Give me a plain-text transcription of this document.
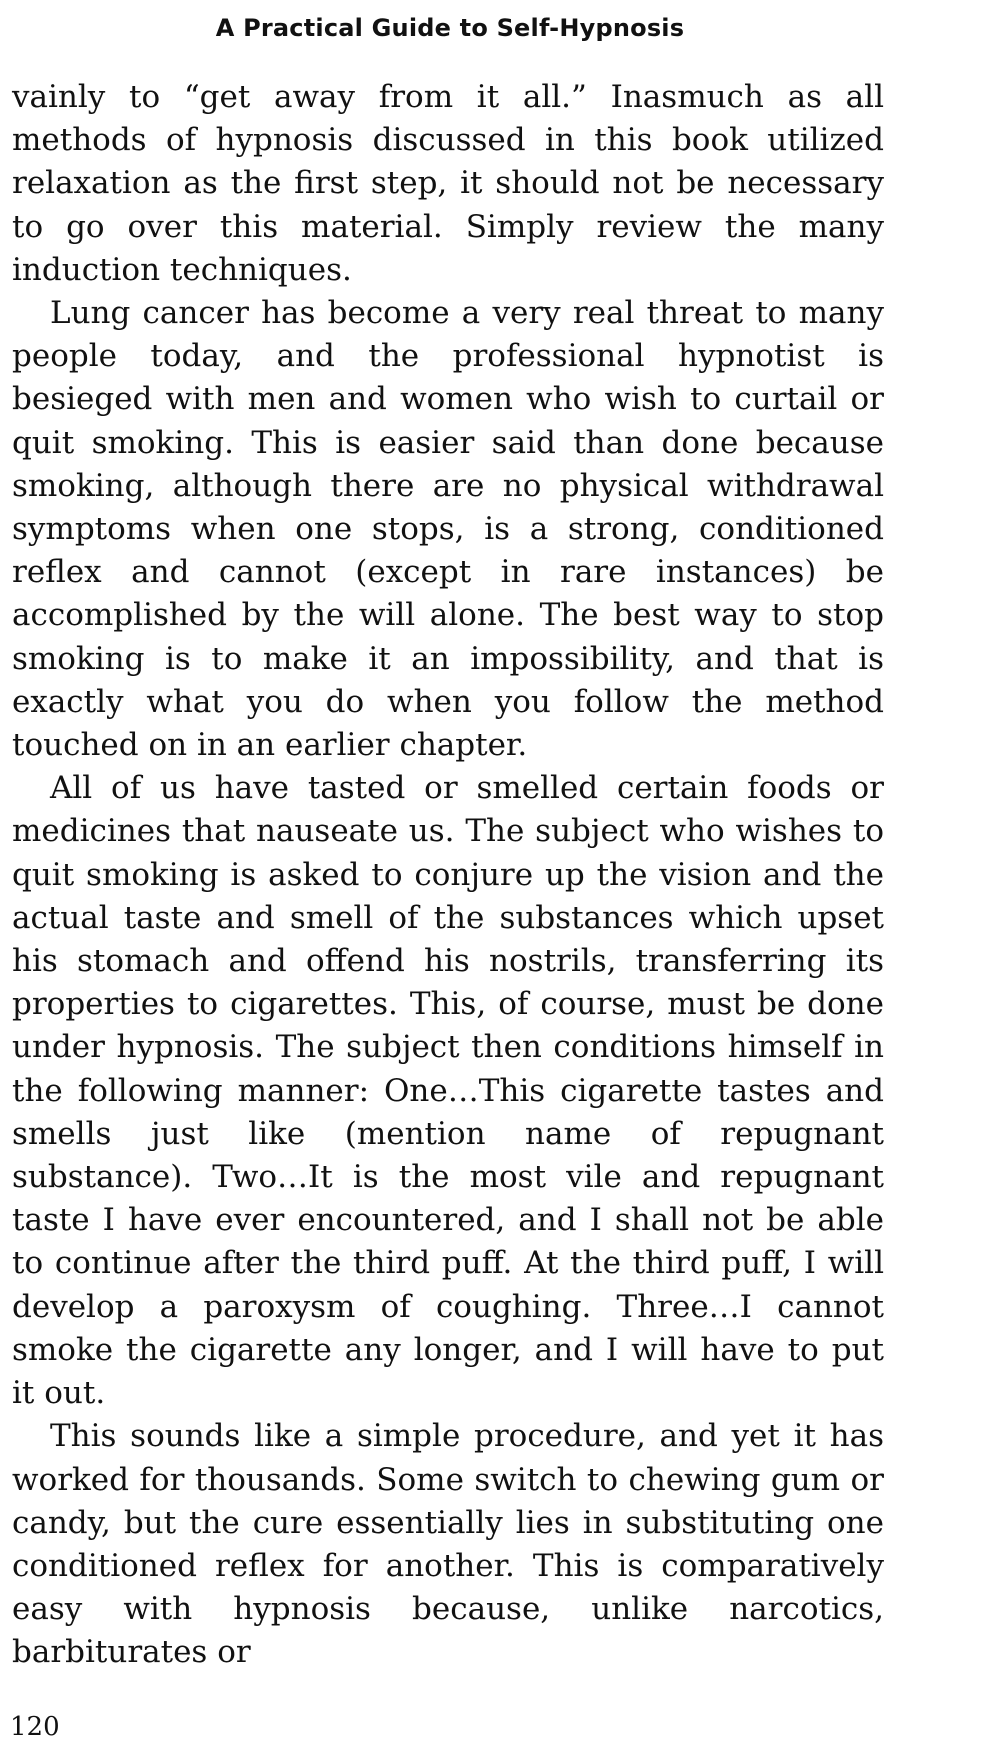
A Practical Guide to Self-Hypnosis

vainly to “get away from it all.” Inasmuch as all methods of hypnosis discussed in this book utilized relaxation as the first step, it should not be necessary to go over this material. Simply review the many induction techniques.

Lung cancer has become a very real threat to many people today, and the professional hypnotist is besieged with men and women who wish to curtail or quit smoking. This is easier said than done because smoking, although there are no physical withdrawal symptoms when one stops, is a strong, conditioned reflex and cannot (except in rare instances) be accomplished by the will alone. The best way to stop smoking is to make it an impossibility, and that is exactly what you do when you follow the method touched on in an earlier chapter.

All of us have tasted or smelled certain foods or medicines that nauseate us. The subject who wishes to quit smoking is asked to conjure up the vision and the actual taste and smell of the substances which upset his stomach and offend his nostrils, transferring its properties to cigarettes. This, of course, must be done under hypnosis. The subject then conditions himself in the following manner: One…This cigarette tastes and smells just like (mention name of repugnant substance). Two…It is the most vile and repugnant taste I have ever encountered, and I shall not be able to continue after the third puff. At the third puff, I will develop a paroxysm of coughing. Three…I cannot smoke the cigarette any longer, and I will have to put it out.

This sounds like a simple procedure, and yet it has worked for thousands. Some switch to chewing gum or candy, but the cure essentially lies in substituting one conditioned reflex for another. This is comparatively easy with hypnosis because, unlike narcotics, barbiturates or

120
